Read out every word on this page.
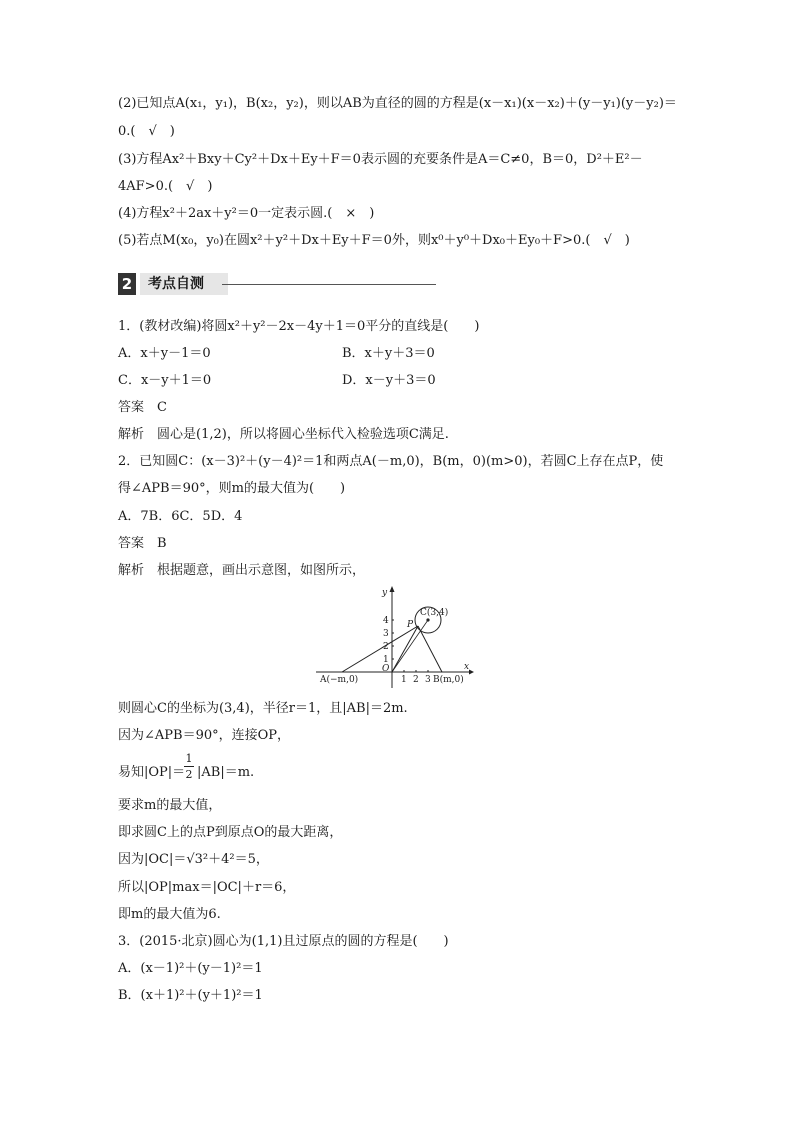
(2)已知点A(x₁，y₁)，B(x₂，y₂)，则以AB为直径的圆的方程是(x－x₁)(x－x₂)＋(y－y₁)(y－y₂)＝
0.(　√　)
(3)方程Ax²＋Bxy＋Cy²＋Dx＋Ey＋F＝0表示圆的充要条件是A＝C≠0，B＝0，D²＋E²－
4AF>0.(　√　)
(4)方程x²＋2ax＋y²＝0一定表示圆.(　×　)
(5)若点M(x₀，y₀)在圆x²＋y²＋Dx＋Ey＋F＝0外，则x⁰＋y⁰＋Dx₀＋Ey₀＋F>0.(　√　)
2	考点自测
1．(教材改编)将圆x²＋y²－2x－4y＋1＝0平分的直线是(　　)
A．x＋y－1＝0	B．x＋y＋3＝0
C．x－y＋1＝0	D．x－y＋3＝0
答案　C
解析　圆心是(1,2)，所以将圆心坐标代入检验选项C满足.
2．已知圆C：(x－3)²＋(y－4)²＝1和两点A(－m,0)，B(m，0)(m>0)，若圆C上存在点P，使
得∠APB＝90°，则m的最大值为(　　)
A．7B．6C．5D．4
答案　B
解析　根据题意，画出示意图，如图所示，
y
x
O
P
C(3,4)
A(−m,0)	B(m,0)
1 2 3
1
2
3
4
则圆心C的坐标为(3,4)，半径r＝1，且|AB|＝2m.
因为∠APB＝90°，连接OP，
易知|OP|＝
1
2 |AB|＝m.
要求m的最大值，
即求圆C上的点P到原点O的最大距离，
因为|OC|＝√3²＋4²＝5，
所以|OP|max＝|OC|＋r＝6，
即m的最大值为6.
3．(2015·北京)圆心为(1,1)且过原点的圆的方程是(　　)
A．(x－1)²＋(y－1)²＝1
B．(x＋1)²＋(y＋1)²＝1
